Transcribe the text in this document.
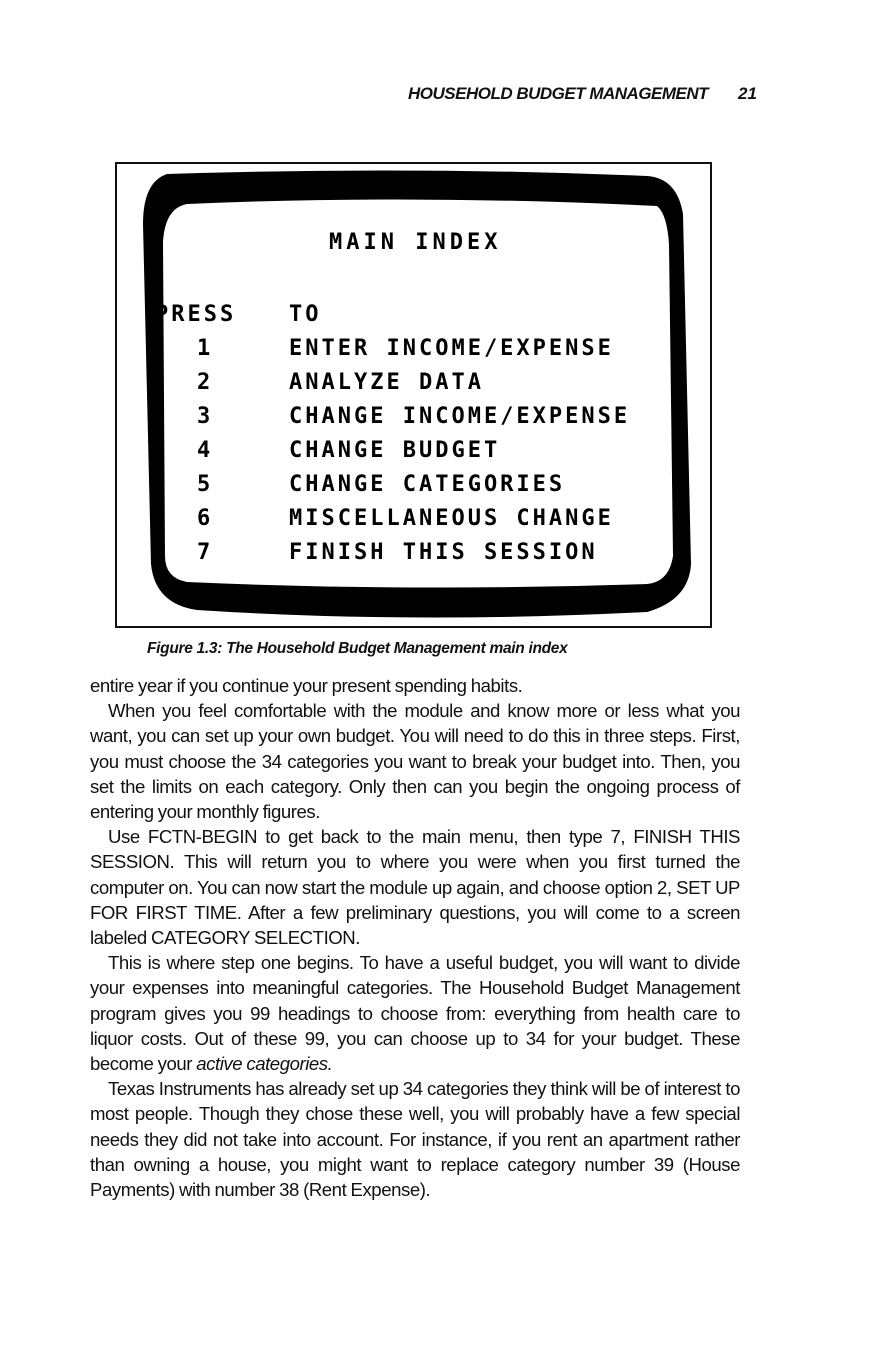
HOUSEHOLD BUDGET MANAGEMENT 21
MAIN INDEX
PRESS TO
1	ENTER INCOME/EXPENSE
2	ANALYZE DATA
3	CHANGE INCOME/EXPENSE
4	CHANGE BUDGET
5	CHANGE CATEGORIES
6	MISCELLANEOUS CHANGE
7	FINISH THIS SESSION
Figure 1.3: The Household Budget Management main index

entire year if you continue your present spending habits.

When you feel comfortable with the module and know more or less what you want, you can set up your own budget. You will need to do this in three steps. First, you must choose the 34 categories you want to break your budget into. Then, you set the limits on each category. Only then can you begin the ongoing process of entering your monthly figures.

Use FCTN-BEGIN to get back to the main menu, then type 7, FINISH THIS SESSION. This will return you to where you were when you first turned the computer on. You can now start the module up again, and choose option 2, SET UP FOR FIRST TIME. After a few preliminary questions, you will come to a screen labeled CATEGORY SELECTION.

This is where step one begins. To have a useful budget, you will want to divide your expenses into meaningful categories. The Household Budget Management program gives you 99 headings to choose from: everything from health care to liquor costs. Out of these 99, you can choose up to 34 for your budget. These become your active categories.

Texas Instruments has already set up 34 categories they think will be of interest to most people. Though they chose these well, you will probably have a few special needs they did not take into account. For instance, if you rent an apartment rather than owning a house, you might want to replace category number 39 (House Payments) with number 38 (Rent Expense).
